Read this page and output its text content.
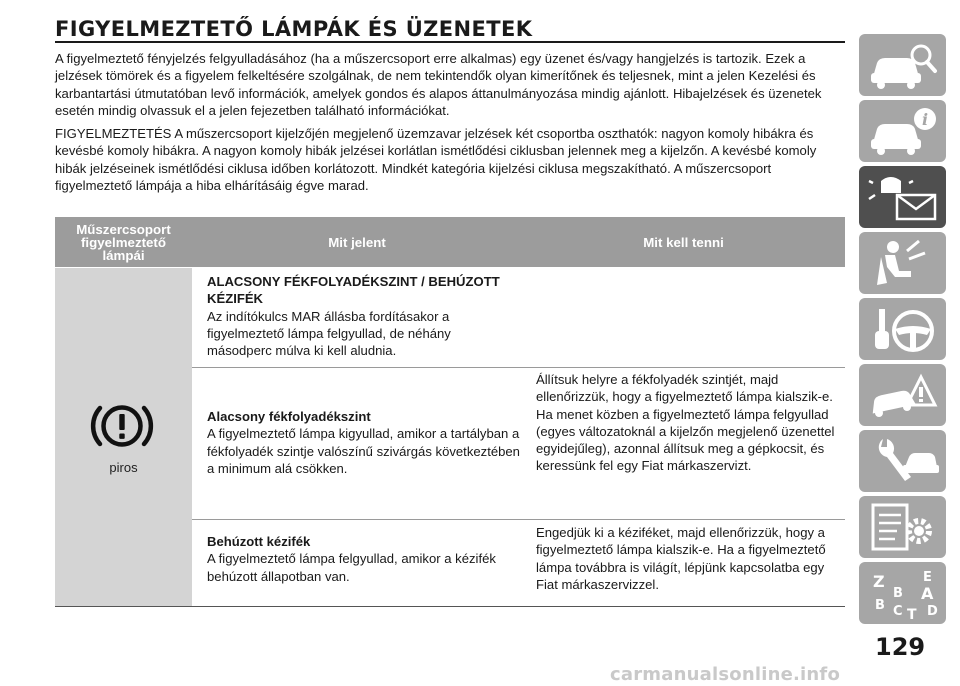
FIGYELMEZTETŐ LÁMPÁK ÉS ÜZENETEK

A figyelmeztető fényjelzés felgyulladásához (ha a műszercsoport erre alkalmas) egy üzenet és/vagy hangjelzés is tartozik. Ezek a jelzések tömörek és a figyelem felkeltésére szolgálnak, de nem tekintendők olyan kimerítőnek és teljesnek, mint a jelen Kezelési és karbantartási útmutatóban levő információk, amelyek gondos és alapos áttanulmányozása mindig ajánlott. Hibajelzések és üzenetek esetén mindig olvassuk el a jelen fejezetben található információkat.

FIGYELMEZTETÉS A műszercsoport kijelzőjén megjelenő üzemzavar jelzések két csoportba oszthatók: nagyon komoly hibákra és kevésbé komoly hibákra. A nagyon komoly hibák jelzései korlátlan ismétlődési ciklusban jelennek meg a kijelzőn. A kevésbé komoly hibák jelzéseinek ismétlődési ciklusa időben korlátozott. Mindkét kategória kijelzési ciklusa megszakítható. A műszercsoport figyelmeztető lámpája a hiba elhárításáig égve marad.

Műszercsoport figyelmeztető lámpái
Mit jelent	Mit kell tenni
piros
ALACSONY FÉKFOLYADÉKSZINT / BEHÚZOTT KÉZIFÉK
Az indítókulcs MAR állásba fordításakor a figyelmeztető lámpa felgyullad, de néhány másodperc múlva ki kell aludnia.
Alacsony fékfolyadékszint
A figyelmeztető lámpa kigyullad, amikor a tartályban a fékfolyadék szintje valószínű szivárgás következtében a minimum alá csökken.
Állítsuk helyre a fékfolyadék szintjét, majd ellenőrizzük, hogy a figyelmeztető lámpa kialszik-e. Ha menet közben a figyelmeztető lámpa felgyullad (egyes változatoknál a kijelzőn megjelenő üzenettel egyidejűleg), azonnal állítsuk meg a gépkocsit, és keressünk fel egy Fiat márkaszervizt.
Behúzott kézifék
A figyelmeztető lámpa felgyullad, amikor a kézifék behúzott állapotban van.
Engedjük ki a kéziféket, majd ellenőrizzük, hogy a figyelmeztető lámpa kialszik-e. Ha a figyelmeztető lámpa továbbra is világít, lépjünk kapcsolatba egy Fiat márkaszervizzel.
i
Z	E
B A
B C T D
129
carmanualsonline.info
